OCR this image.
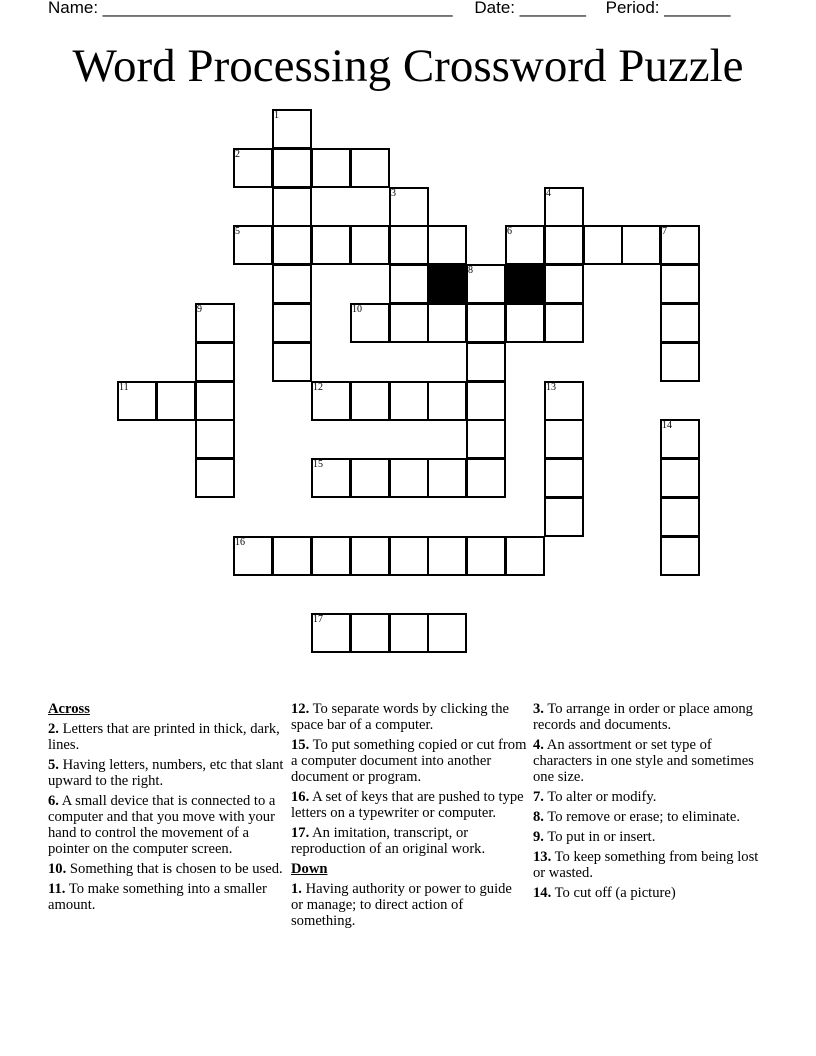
Name: _____________________________________ Date: _______ Period: _______
Word Processing Crossword Puzzle
1
2
3	4
5	6	7
8
9	10
11	12	13
14
15
16
17
Across
2. Letters that are printed in thick, dark, lines.
5. Having letters, numbers, etc that slant upward to the right.
6. A small device that is connected to a computer and that you move with your hand to control the movement of a pointer on the computer screen.
10. Something that is chosen to be used.
11. To make something into a smaller amount.
12. To separate words by clicking the space bar of a computer.
15. To put something copied or cut from a computer document into another document or program.
16. A set of keys that are pushed to type letters on a typewriter or computer.
17. An imitation, transcript, or reproduction of an original work.
Down
1. Having authority or power to guide or manage; to direct action of something.
3. To arrange in order or place among records and documents.
4. An assortment or set type of characters in one style and sometimes one size.
7. To alter or modify.
8. To remove or erase; to eliminate.
9. To put in or insert.
13. To keep something from being lost or wasted.
14. To cut off (a picture)
